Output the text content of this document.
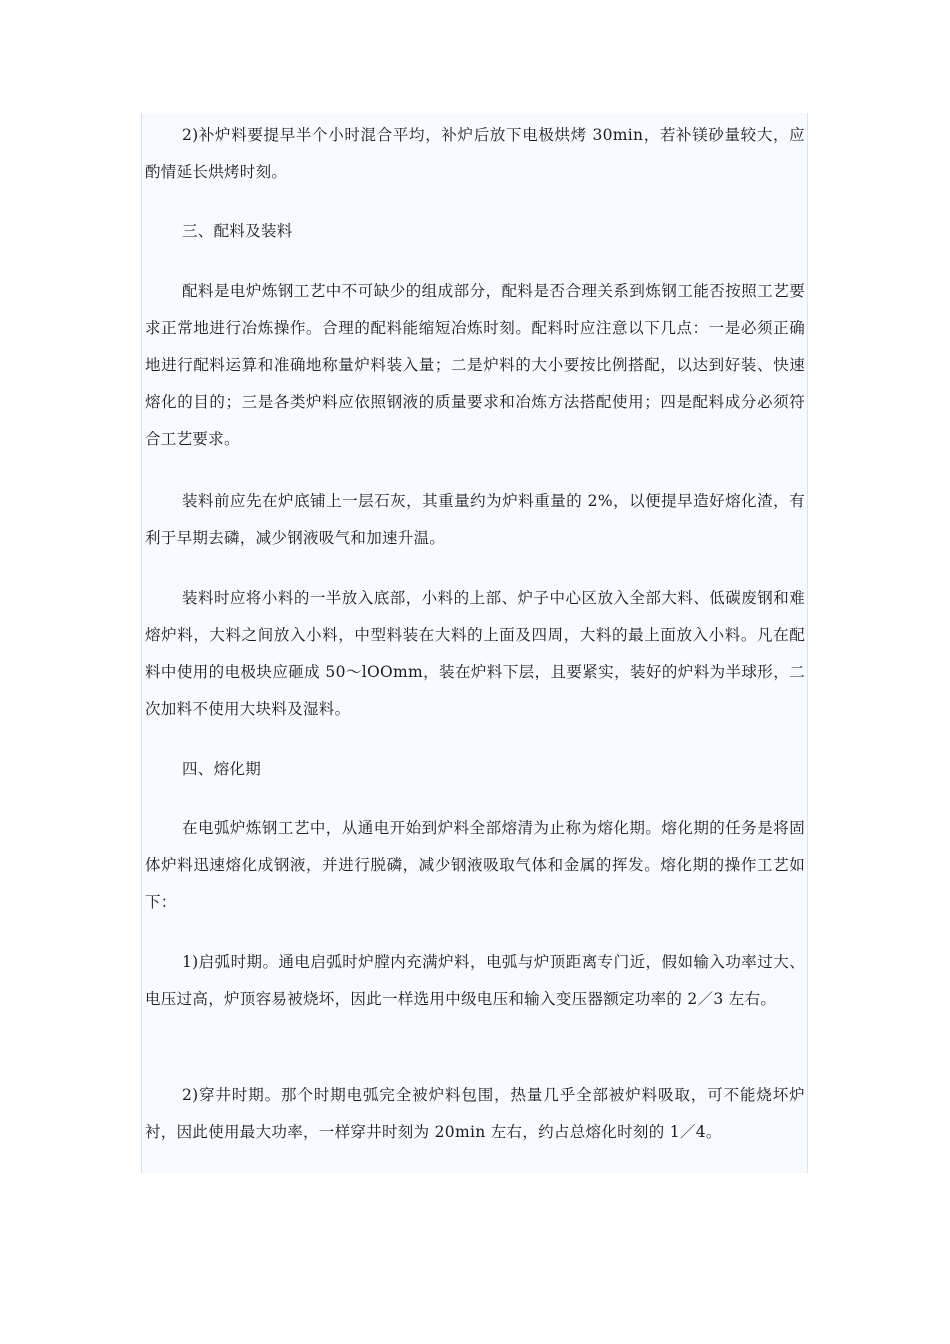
2)补炉料要提早半个小时混合平均，补炉后放下电极烘烤 30min，若补镁砂量较大，应酌情延长烘烤时刻。

三、配料及装料

配料是电炉炼钢工艺中不可缺少的组成部分，配料是否合理关系到炼钢工能否按照工艺要求正常地进行冶炼操作。合理的配料能缩短冶炼时刻。配料时应注意以下几点：一是必须正确地进行配料运算和准确地称量炉料装入量；二是炉料的大小要按比例搭配，以达到好装、快速熔化的目的；三是各类炉料应依照钢液的质量要求和冶炼方法搭配使用；四是配料成分必须符合工艺要求。

装料前应先在炉底铺上一层石灰，其重量约为炉料重量的 2%，以便提早造好熔化渣，有利于早期去磷，减少钢液吸气和加速升温。

装料时应将小料的一半放入底部，小料的上部、炉子中心区放入全部大料、低碳废钢和难熔炉料，大料之间放入小料，中型料装在大料的上面及四周，大料的最上面放入小料。凡在配料中使用的电极块应砸成 50～lOOmm，装在炉料下层，且要紧实，装好的炉料为半球形，二次加料不使用大块料及湿料。

四、熔化期

在电弧炉炼钢工艺中，从通电开始到炉料全部熔清为止称为熔化期。熔化期的任务是将固体炉料迅速熔化成钢液，并进行脱磷，减少钢液吸取气体和金属的挥发。熔化期的操作工艺如下：

1)启弧时期。通电启弧时炉膛内充满炉料，电弧与炉顶距离专门近，假如输入功率过大、电压过高，炉顶容易被烧坏，因此一样选用中级电压和输入变压器额定功率的 2／3 左右。

2)穿井时期。那个时期电弧完全被炉料包围，热量几乎全部被炉料吸取，可不能烧坏炉衬，因此使用最大功率，一样穿井时刻为 20min 左右，约占总熔化时刻的 1／4。
